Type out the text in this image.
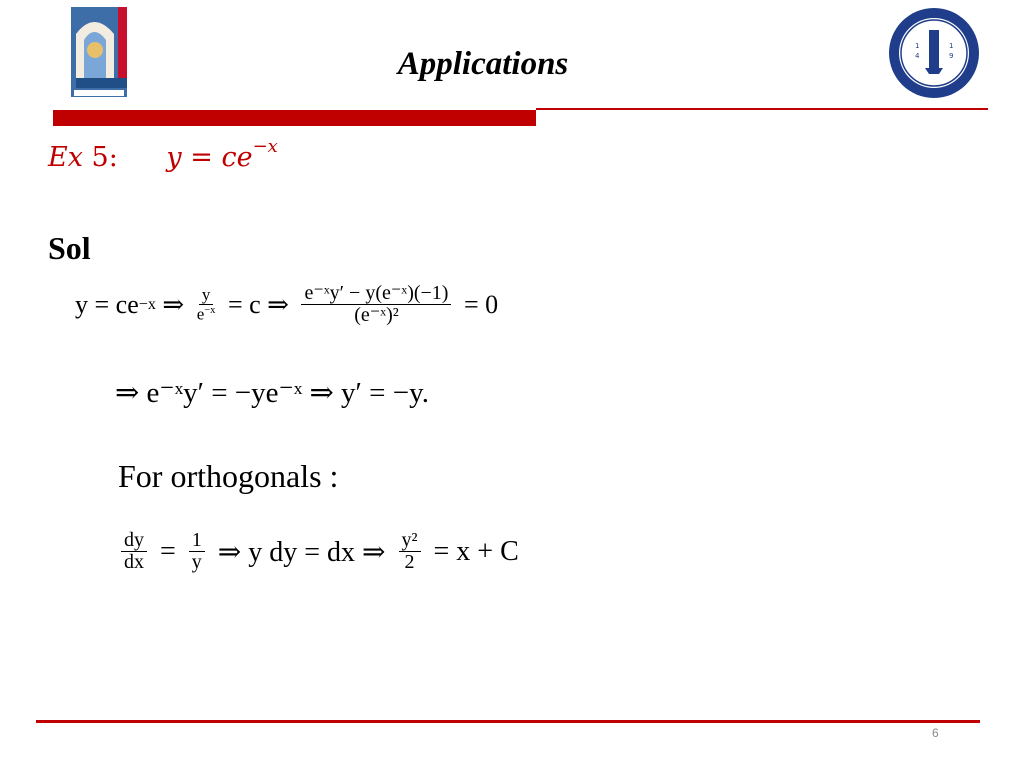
Applications	1
4
1
9
Ex 5: $y = ce^{-x}$
Sol
y = ce −x ⇒ $\frac{y}{e^{-x}} = c$ ⇒ $\frac{\text{e⁻ˣy′ − y(e⁻ˣ)(−1)}}{\text{(e⁻ˣ)²}} = 0$
⇒ e⁻ˣy′ = −ye⁻ˣ ⇒ y′ = −y.
For orthogonals :
$\frac{dy}{dx} = \frac{1}{y}$ ⇒ y dy = dx ⇒ $\frac{\text{y²}}{2} = x + C$
6
